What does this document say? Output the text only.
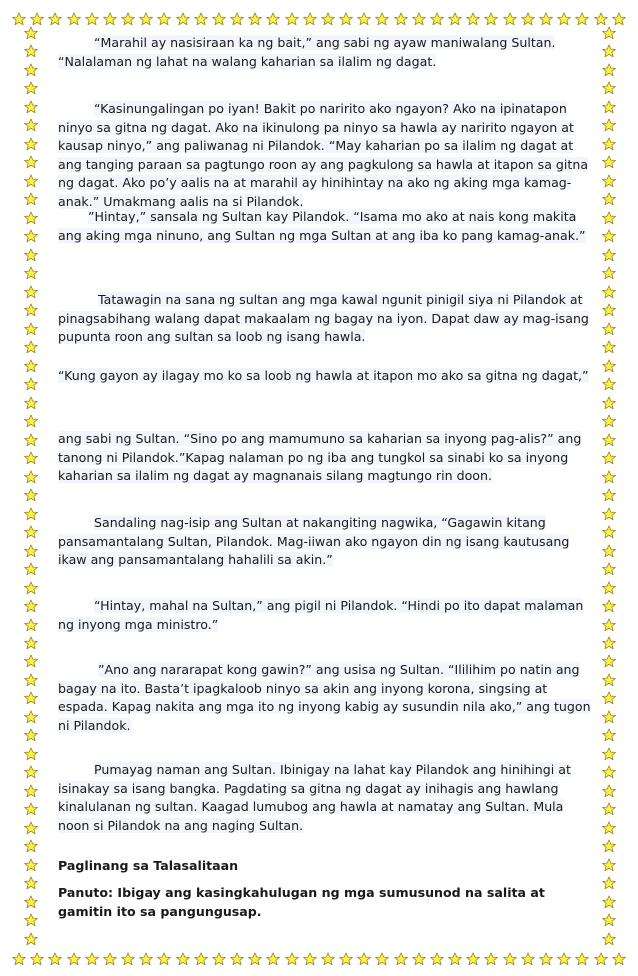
“Marahil ay nasisiraan ka ng bait,” ang sabi ng ayaw maniwalang Sultan. “Nalalaman ng lahat na walang kaharian sa ilalim ng dagat.

“Kasinungalingan po iyan! Bakit po naririto ako ngayon? Ako na ipinatapon ninyo sa gitna ng dagat. Ako na ikinulong pa ninyo sa hawla ay naririto ngayon at kausap ninyo,” ang paliwanag ni Pilandok. “May kaharian po sa ilalim ng dagat at ang tanging paraan sa pagtungo roon ay ang pagkulong sa hawla at itapon sa gitna ng dagat. Ako po’y aalis na at marahil ay hinihintay na ako ng aking mga kamag-anak.” Umakmang aalis na si Pilandok.

”Hintay,” sansala ng Sultan kay Pilandok. “Isama mo ako at nais kong makita ang aking mga ninuno, ang Sultan ng mga Sultan at ang iba ko pang kamag-anak.”

Tatawagin na sana ng sultan ang mga kawal ngunit pinigil siya ni Pilandok at pinagsabihang walang dapat makaalam ng bagay na iyon. Dapat daw ay mag-isang pupunta roon ang sultan sa loob ng isang hawla.

“Kung gayon ay ilagay mo ko sa loob ng hawla at itapon mo ako sa gitna ng dagat,”

ang sabi ng Sultan. “Sino po ang mamumuno sa kaharian sa inyong pag-alis?” ang tanong ni Pilandok.”Kapag nalaman po ng iba ang tungkol sa sinabi ko sa inyong kaharian sa ilalim ng dagat ay magnanais silang magtungo rin doon.

Sandaling nag-isip ang Sultan at nakangiting nagwika, “Gagawin kitang pansamantalang Sultan, Pilandok. Mag-iiwan ako ngayon din ng isang kautusang ikaw ang pansamantalang hahalili sa akin.”

“Hintay, mahal na Sultan,” ang pigil ni Pilandok. “Hindi po ito dapat malaman ng inyong mga ministro.”

”Ano ang nararapat kong gawin?” ang usisa ng Sultan. “Ililihim po natin ang bagay na ito. Basta’t ipagkaloob ninyo sa akin ang inyong korona, singsing at espada. Kapag nakita ang mga ito ng inyong kabig ay susundin nila ako,” ang tugon ni Pilandok.

Pumayag naman ang Sultan. Ibinigay na lahat kay Pilandok ang hinihingi at isinakay sa isang bangka. Pagdating sa gitna ng dagat ay inihagis ang hawlang kinalulanan ng sultan. Kaagad lumubog ang hawla at namatay ang Sultan. Mula noon si Pilandok na ang naging Sultan.

Paglinang sa Talasalitaan

Panuto: Ibigay ang kasingkahulugan ng mga sumusunod na salita at gamitin ito sa pangungusap.
